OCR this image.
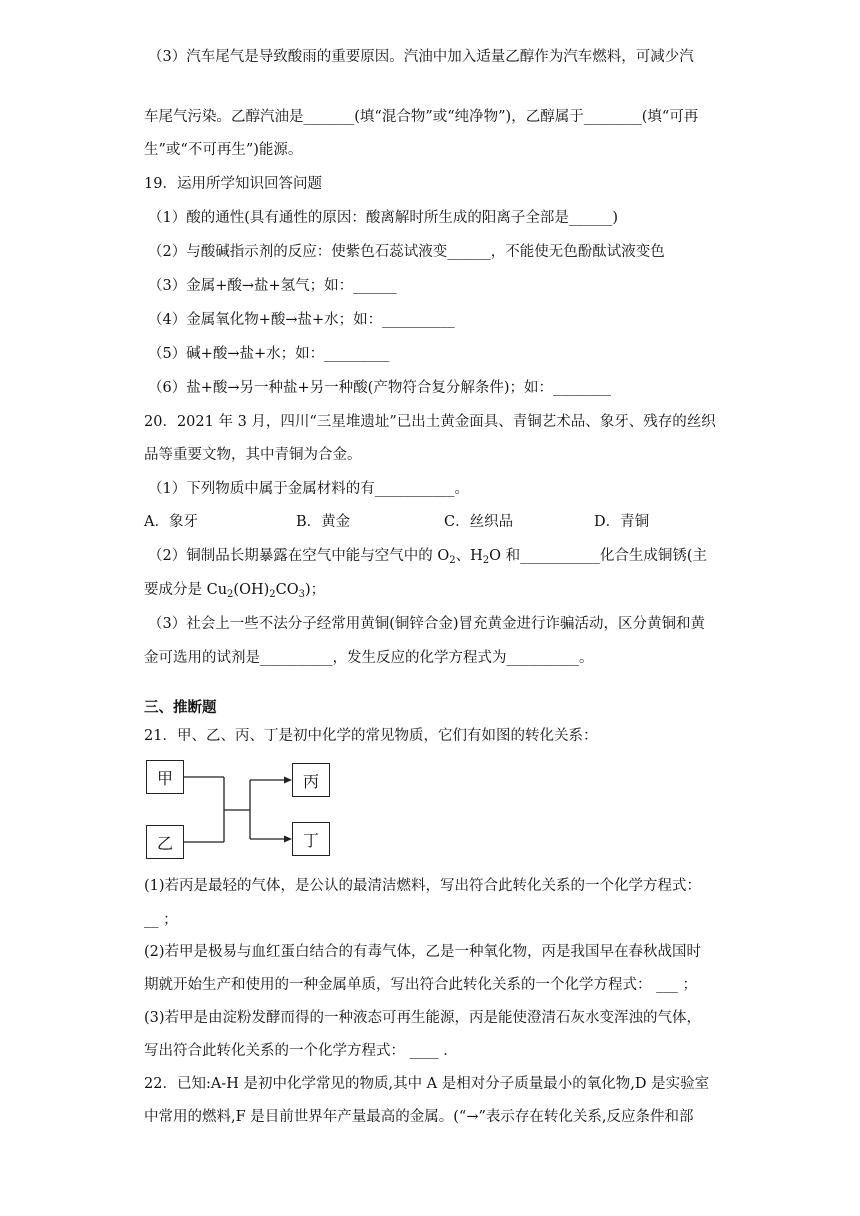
（3）汽车尾气是导致酸雨的重要原因。汽油中加入适量乙醇作为汽车燃料，可减少汽
车尾气污染。乙醇汽油是_______(填“混合物”或“纯净物”)，乙醇属于________(填“可再
生”或“不可再生”)能源。
19．运用所学知识回答问题
（1）酸的通性(具有通性的原因：酸离解时所生成的阳离子全部是______)
（2）与酸碱指示剂的反应：使紫色石蕊试液变______，不能使无色酚酞试液变色
（3）金属+酸→盐+氢气；如：______
（4）金属氧化物+酸→盐+水；如：__________
（5）碱+酸→盐+水；如：_________
（6）盐+酸→另一种盐+另一种酸(产物符合复分解条件)；如：________
20．2021 年 3 月，四川“三星堆遗址”已出土黄金面具、青铜艺术品、象牙、残存的丝织
品等重要文物，其中青铜为合金。
（1）下列物质中属于金属材料的有___________。
A．象牙	B．黄金	C．丝织品	D．青铜
（2）铜制品长期暴露在空气中能与空气中的 $O_2$、$H_2O$ 和___________化合生成铜锈(主
要成分是 $Cu_2(OH)_2CO_3$)；
（3）社会上一些不法分子经常用黄铜(铜锌合金)冒充黄金进行诈骗活动，区分黄铜和黄
金可选用的试剂是__________，发生反应的化学方程式为__________。
三、推断题
21．甲、乙、丙、丁是初中化学的常见物质，它们有如图的转化关系：
甲
乙
丙
丁
(1)若丙是最轻的气体，是公认的最清洁燃料，写出符合此转化关系的一个化学方程式：
__ ；
(2)若甲是极易与血红蛋白结合的有毒气体，乙是一种氧化物，丙是我国早在春秋战国时
期就开始生产和使用的一种金属单质，写出符合此转化关系的一个化学方程式： ___ ；
(3)若甲是由淀粉发酵而得的一种液态可再生能源，丙是能使澄清石灰水变浑浊的气体，
写出符合此转化关系的一个化学方程式： ____ ．
22．已知:A-H 是初中化学常见的物质,其中 A 是相对分子质量最小的氧化物,D 是实验室
中常用的燃料,F 是目前世界年产量最高的金属。(“→”表示存在转化关系,反应条件和部
